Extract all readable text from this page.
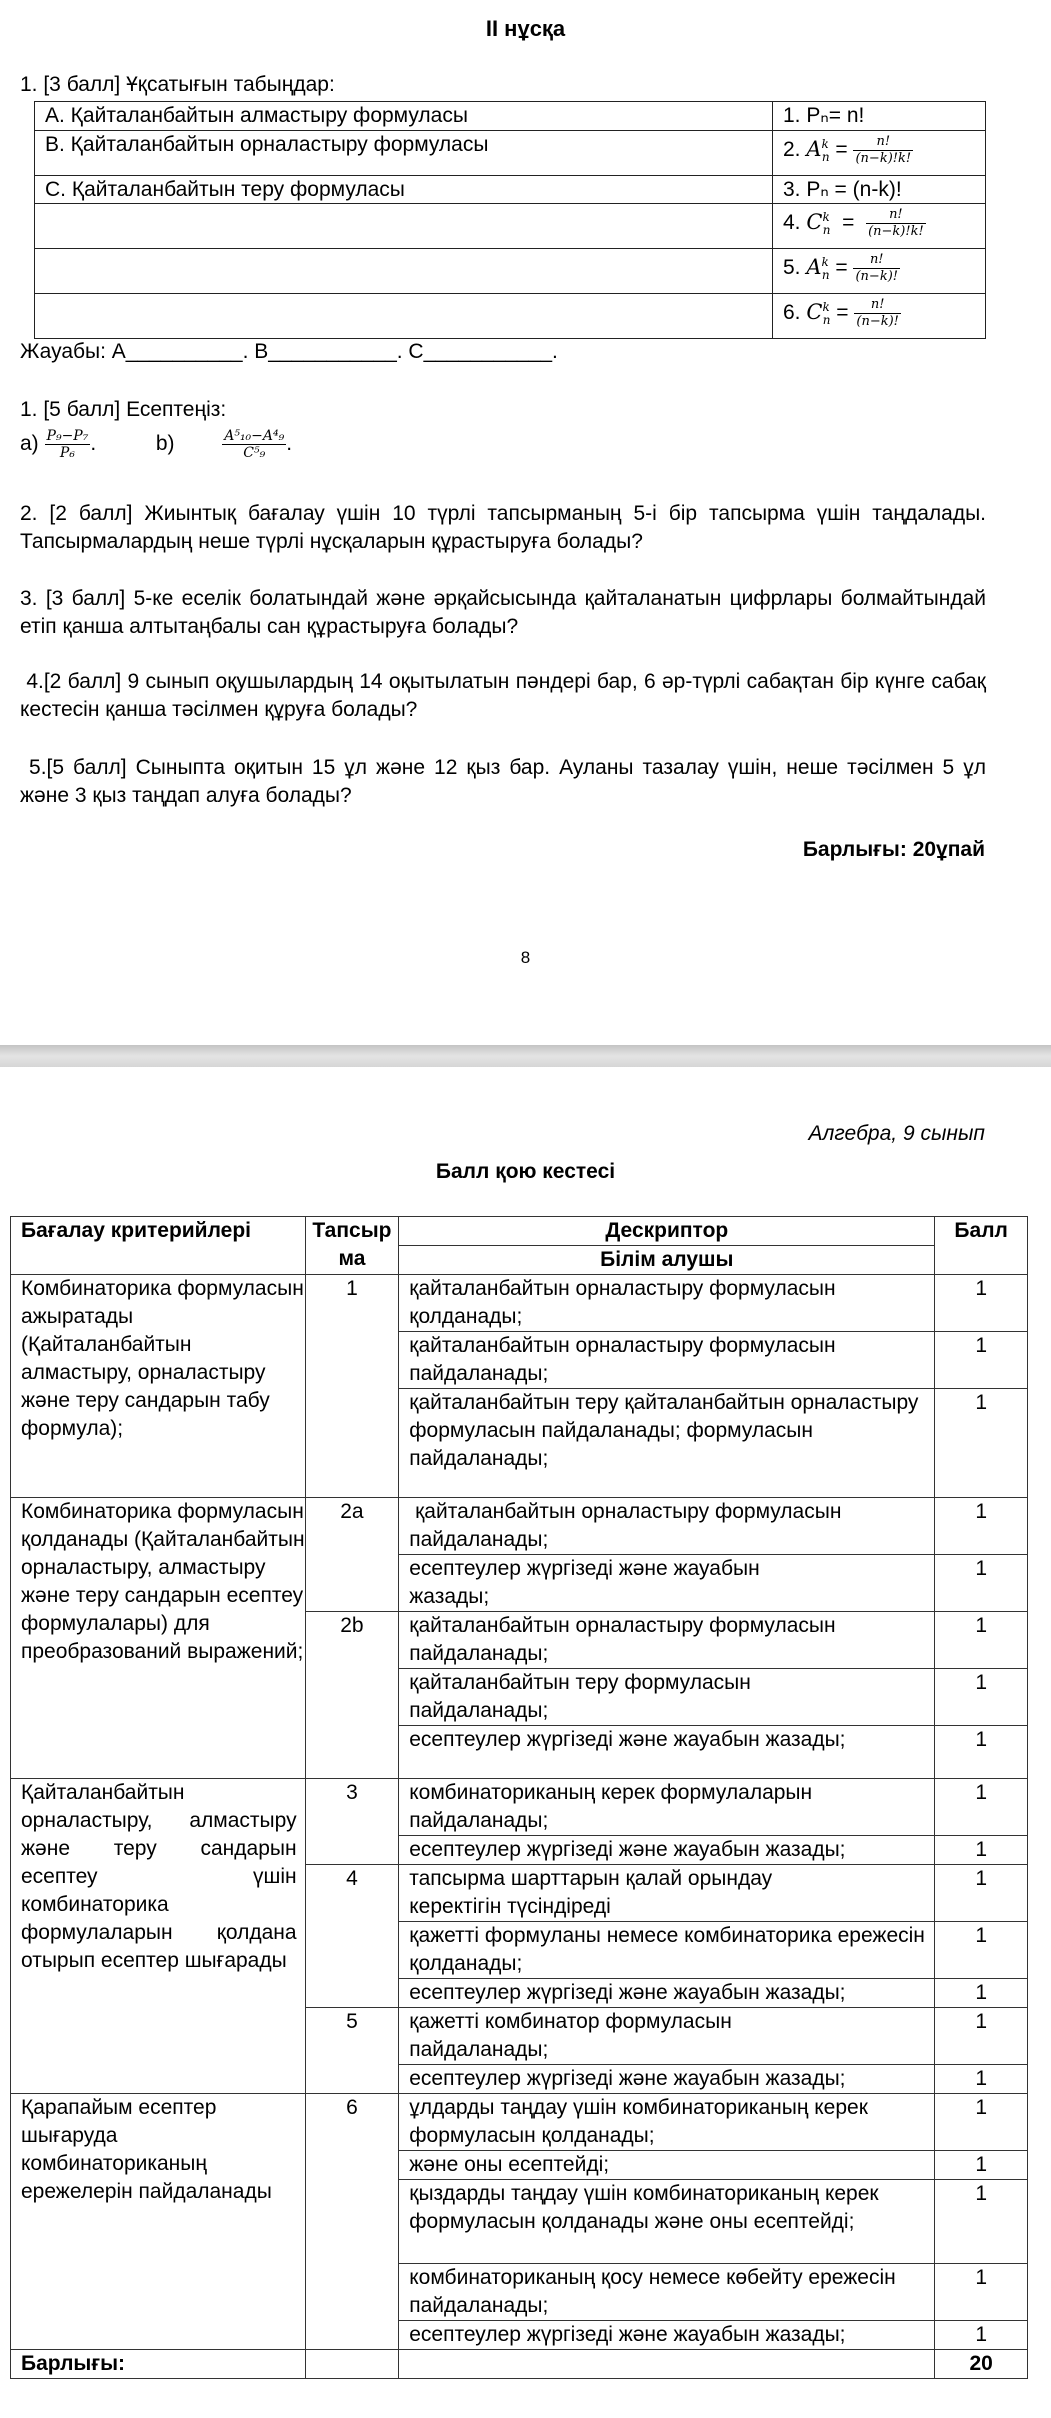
II нұсқа
1. [3 балл] Ұқсатығын табыңдар:
A. Қайталанбайтын алмастыру формуласы	1. Pₙ= n!
B. Қайталанбайтын орналастыру формуласы	2. $A^k_n = \frac{n!}{(n-k)!k!}$

C. Қайталанбайтын теру формуласы	3. Pₙ = (n-k)!
	4. $C^k_n = \frac{n!}{(n-k)!k!}$

	5. $A^k_n = \frac{n!}{(n-k)!}$

	6. $C^k_n = \frac{n!}{(n-k)!}$
Жауабы: A__________. B___________. C___________.
1. [5 балл] Есептеңіз:
$a) \frac{\text{P₉−P₇}}{\text{P₆}}$ .	b)	$\frac{\text{A⁵₁₀−A⁴₉}}{\text{C⁵₉}}$ .
2. [2 балл] Жиынтық бағалау үшін 10 түрлі тапсырманың 5-і бір тапсырма үшін таңдалады. Тапсырмалардың неше түрлі нұсқаларын құрастыруға болады?
3. [3 балл] 5-ке еселік болатындай және әрқайсысында қайталанатын цифрлары болмайтындай етіп қанша алтытаңбалы сан құрастыруға болады?
4.[2 балл] 9 сынып оқушылардың 14 оқытылатын пәндері бар, 6 әр-түрлі сабақтан бір күнге сабақ кестесін қанша тәсілмен құруға болады?
5.[5 балл] Сыныпта оқитын 15 ұл және 12 қыз бар. Ауланы тазалау үшін, неше тәсілмен 5 ұл және 3 қыз таңдап алуға болады?
Барлығы: 20ұпай
8
Алгебра, 9 сынып
Балл қою кестесі
Бағалау критерийлері	Тапсыр ма	Дескриптор	Балл
		Білім алушы	
Комбинаторика формуласын ажыратады (Қайталанбайтын алмастыру, орналастыру және теру сандарын табу формула);	1	қайталанбайтын орналастыру формуласын қолданады;	1
		қайталанбайтын орналастыру формуласын пайдаланады;	1
		қайталанбайтын теру қайталанбайтын орналастыру формуласын пайдаланады; формуласын пайдаланады;	1
Комбинаторика формуласын қолданады (Қайталанбайтын орналастыру, алмастыру және теру сандарын есептеу формулалары) для преобразований выражений;	2a	қайталанбайтын орналастыру формуласын пайдаланады;	1
		есептеулер жүргізеді және жауабын жазады;	1
	2b	қайталанбайтын орналастыру формуласын пайдаланады;	1
		қайталанбайтын теру формуласын пайдаланады;	1
		есептеулер жүргізеді және жауабын жазады;	1
Қайталанбайтын орналастыру, алмастыру және теру сандарын есептеу үшін комбинаторика формулаларын қолдана отырып есептер шығарады	3	комбинаториканың керек формулаларын пайдаланады;	1
		есептеулер жүргізеді және жауабын жазады;	1
	4	тапсырма шарттарын қалай орындау керектігін түсіндіреді	1
		қажетті формуланы немесе комбинаторика ережесін қолданады;	1
		есептеулер жүргізеді және жауабын жазады;	1
	5	қажетті комбинатор формуласын пайдаланады;	1
		есептеулер жүргізеді және жауабын жазады;	1
Қарапайым есептер шығаруда комбинаториканың ережелерін пайдаланады	6	ұлдарды таңдау үшін комбинаториканың керек формуласын қолданады;	1
		және оны есептейді;	1
		қыздарды таңдау үшін комбинаториканың керек формуласын қолданады және оны есептейді;	1
		комбинаториканың қосу немесе көбейту ережесін пайдаланады;	1
		есептеулер жүргізеді және жауабын жазады;	1
Барлығы:			20
